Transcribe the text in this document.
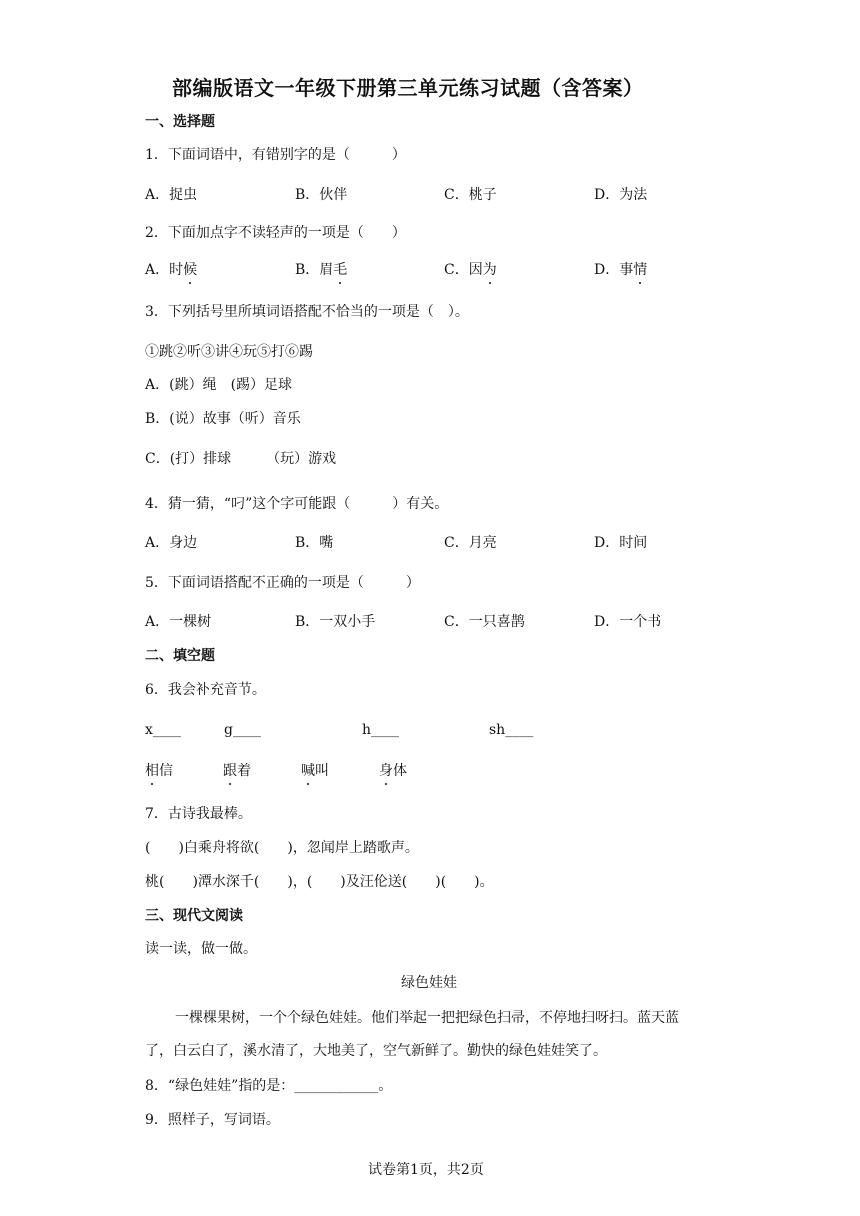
部编版语文一年级下册第三单元练习试题（含答案）
一、选择题
1．下面词语中，有错别字的是（　　　）
A．捉虫	B．伙伴	C．桃子	D．为法
2．下面加点字不读轻声的一项是（　　）
A．时候	B．眉毛	C．因为	D．事情
3．下列括号里所填词语搭配不恰当的一项是（　）。
①跳②听③讲④玩⑤打⑥踢
A．(跳）绳　(踢）足球
B．(说）故事（听）音乐
C．(打）排球　　　（玩）游戏
4．猜一猜，“叼”这个字可能跟（　　　）有关。
A．身边	B．嘴	C．月亮	D．时间
5．下面词语搭配不正确的一项是（　　　）
A．一棵树	B．一双小手	C．一只喜鹊	D．一个书
二、填空题
6．我会补充音节。
x____	g____	h____	sh____
相信	跟着	喊叫	身体
7．古诗我最棒。
(　　)白乘舟将欲(　　)，忽闻岸上踏歌声。
桃(　　)潭水深千(　　)，(　　)及汪伦送(　　)(　　)。
三、现代文阅读
读一读，做一做。
绿色娃娃
一棵棵果树，一个个绿色娃娃。他们举起一把把绿色扫帚，不停地扫呀扫。蓝天蓝
了，白云白了，溪水清了，大地美了，空气新鲜了。勤快的绿色娃娃笑了。
8．“绿色娃娃”指的是：____________。
9．照样子，写词语。
试卷第1页，共2页
